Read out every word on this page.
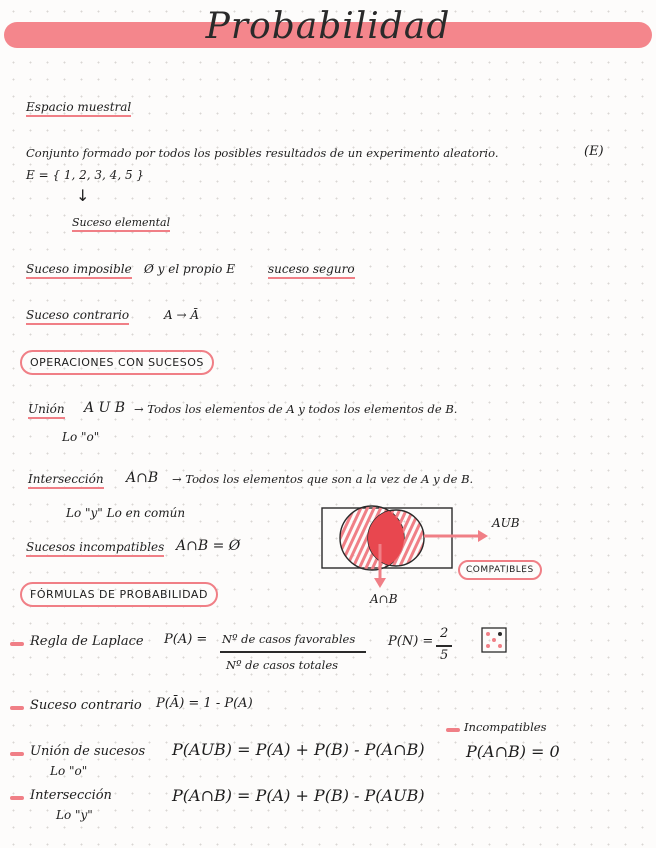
Probabilidad
Espacio muestral
Conjunto formado por todos los posibles resultados de un experimento aleatorio.	(E)
E = { 1, 2, 3, 4, 5 }
↓
Suceso elemental
Suceso imposible Ø y el propio E	suceso seguro
Suceso contrario	A → Ā
OPERACIONES CON SUCESOS
Unión A U B → Todos los elementos de A y todos los elementos de B.
Lo "o"
Intersección A∩B → Todos los elementos que son a la vez de A y de B.
Lo "y" Lo en común
Sucesos incompatibles A∩B = Ø
AUB
A∩B
COMPATIBLES
FÓRMULAS DE PROBABILIDAD
Regla de Laplace P(A) = Nº de casos favorables
Nº de casos totales
P(N) =
2
5
Suceso contrario P(Ā) = 1 - P(A)
Incompatibles
P(A∩B) = 0
Unión de sucesos
Lo "o"
P(AUB) = P(A) + P(B) - P(A∩B)
Intersección
Lo "y"
P(A∩B) = P(A) + P(B) - P(AUB)
